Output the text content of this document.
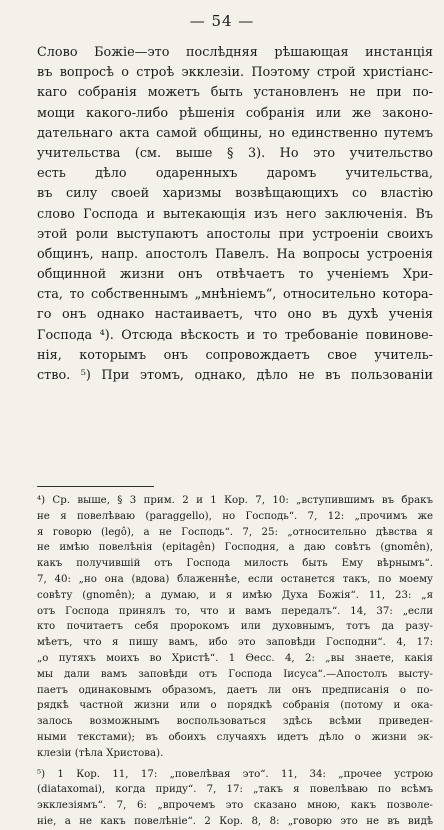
— 54 —
Слово Божіе—это послѣдняя рѣшающая инстанція
въ вопросѣ о строѣ экклезіи. Поэтому строй христіанс-
каго собранія можетъ быть установленъ не при по-
мощи какого-либо рѣшенія собранія или же законо-
дательнаго акта самой общины, но единственно путемъ
учительства (см. выше § 3). Но это учительство
есть дѣло одаренныхъ даромъ учительства,
въ силу своей харизмы возвѣщающихъ со властію
слово Господа и вытекающія изъ него заключенія. Въ
этой роли выступаютъ апостолы при устроеніи своихъ
общинъ, напр. апостолъ Павелъ. На вопросы устроенія
общинной жизни онъ отвѣчаетъ то ученіемъ Хри-
ста, то собственнымъ „мнѣніемъ“, относительно котора-
го онъ однако настаиваетъ, что оно въ духѣ ученія
Господа ⁴). Отсюда вѣскость и то требованіе повинове-
нія, которымъ онъ сопровождаетъ свое учитель-
ство. ⁵) При этомъ, однако, дѣло не въ пользованіи
⁴) Ср. выше, § 3 прим. 2 и 1 Кор. 7, 10: „вступившимъ въ бракъ
не я повелѣваю (paraggello), но Господь“. 7, 12: „прочимъ же
я говорю (legô), а не Господь“. 7, 25: „относительно дѣвства я
не имѣю повелѣнія (epitagên) Господня, а даю совѣтъ (gnomên),
какъ получившій отъ Господа милость быть Ему вѣрнымъ“.
7, 40: „но она (вдова) блаженнѣе, если останется такъ, по моему
совѣту (gnomên); а думаю, и я имѣю Духа Божія“. 11, 23: „я
отъ Господа принялъ то, что и вамъ передалъ“. 14, 37: „если
кто почитаетъ себя пророкомъ или духовнымъ, тотъ да разу-
мѣетъ, что я пишу вамъ, ибо это заповѣди Господни“. 4, 17:
„о путяхъ моихъ во Христѣ“. 1 Өесс. 4, 2: „вы знаете, какія
мы дали вамъ заповѣди отъ Господа Іисуса“.—Апостолъ высту-
паетъ одинаковымъ образомъ, даетъ ли онъ предписанія о по-
рядкѣ частной жизни или о порядкѣ собранія (потому и ока-
залось возможнымъ воспользоваться здѣсь всѣми приведен-
ными текстами); въ обоихъ случаяхъ идетъ дѣло о жизни эк-
клезіи (тѣла Христова).
⁵) 1 Кор. 11, 17: „повелѣвая это“. 11, 34: „прочее устрою
(diataxomai), когда приду“. 7, 17: „такъ я повелѣваю по всѣмъ
экклезіямъ“. 7, 6: „впрочемъ это сказано мною, какъ позволе-
ніе, а не какъ повелѣніе“. 2 Кор. 8, 8: „говорю это не въ видѣ
